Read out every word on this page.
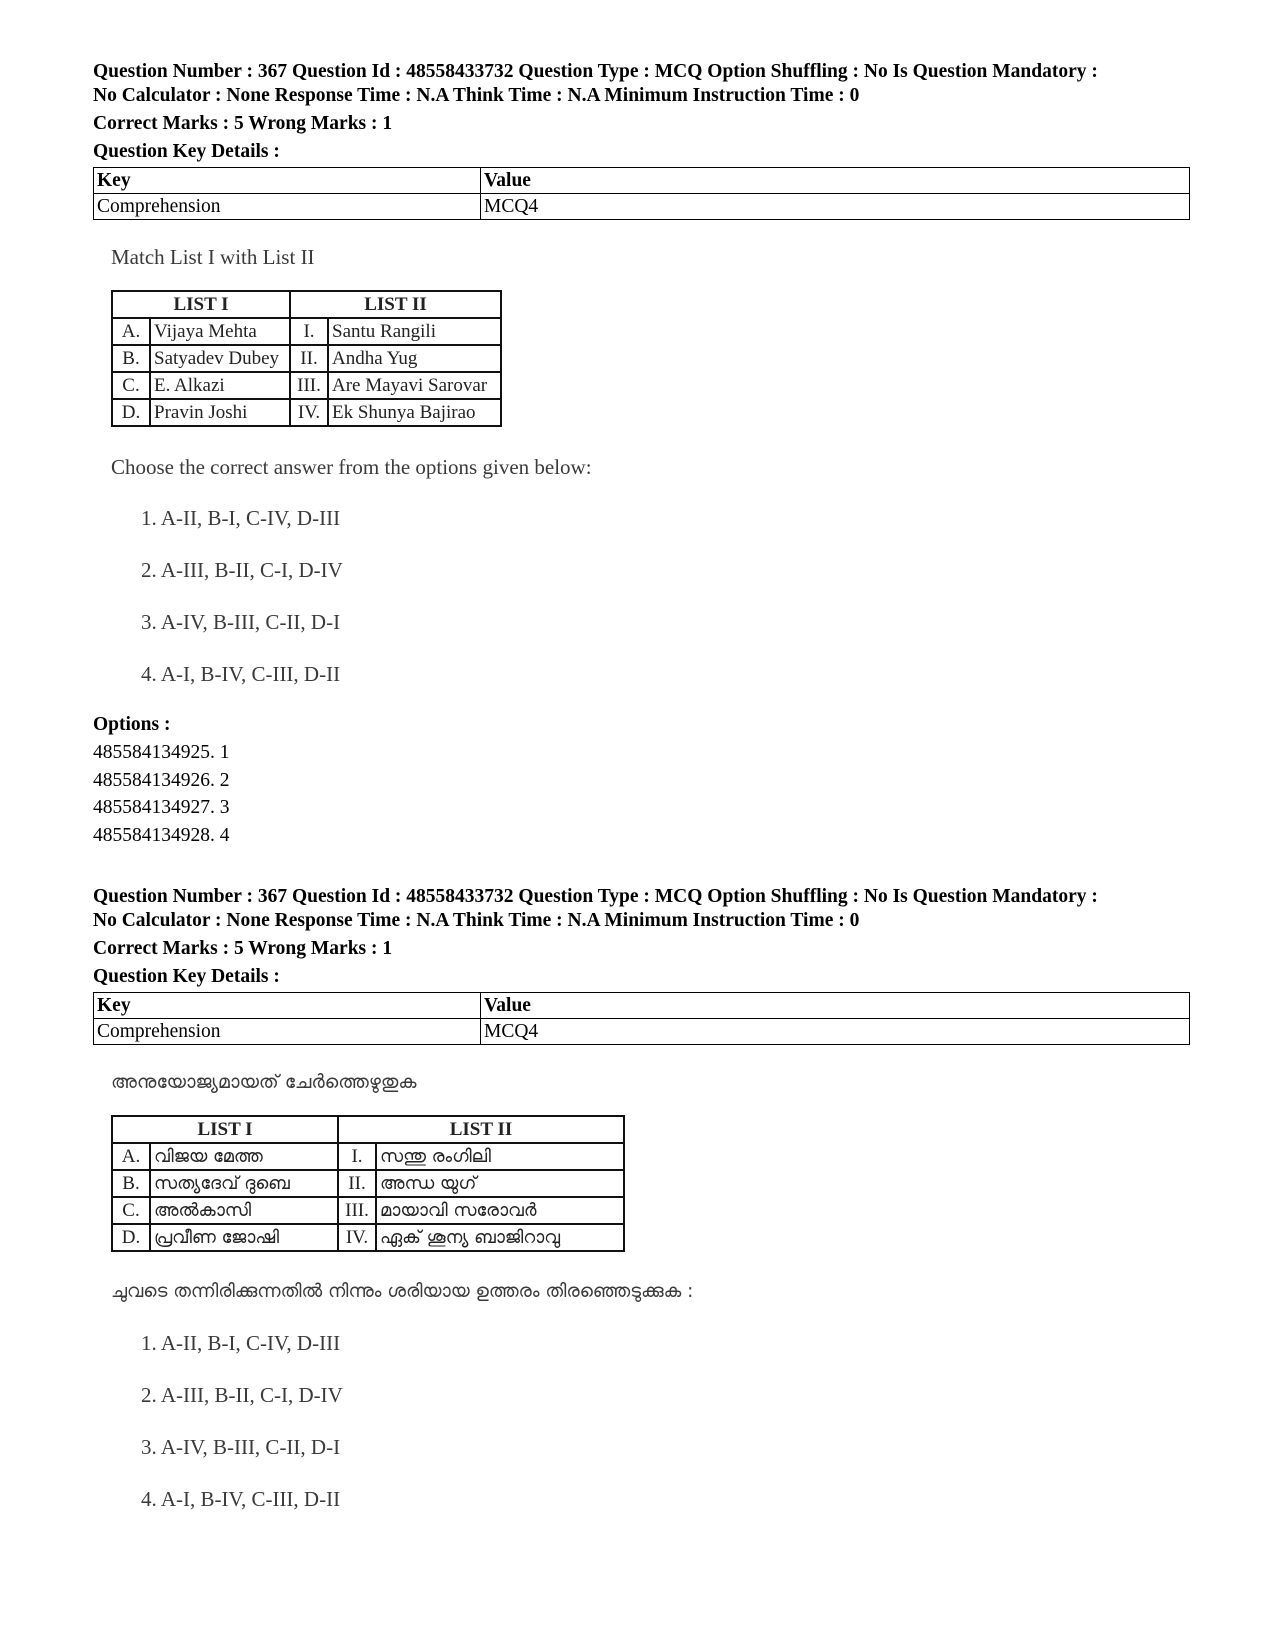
Question Number : 367 Question Id : 48558433732 Question Type : MCQ Option Shuffling : No Is Question Mandatory :
No Calculator : None Response Time : N.A Think Time : N.A Minimum Instruction Time : 0
Correct Marks : 5 Wrong Marks : 1
Question Key Details :
Key	Value
Comprehension	MCQ4
Match List I with List II
LIST I		LIST II	
A.	Vijaya Mehta	I.	Santu Rangili
B.	Satyadev Dubey	II.	Andha Yug
C.	E. Alkazi	III.	Are Mayavi Sarovar
D.	Pravin Joshi	IV.	Ek Shunya Bajirao
Choose the correct answer from the options given below:
1. A-II, B-I, C-IV, D-III
2. A-III, B-II, C-I, D-IV
3. A-IV, B-III, C-II, D-I
4. A-I, B-IV, C-III, D-II
Options :
485584134925. 1
485584134926. 2
485584134927. 3
485584134928. 4
Question Number : 367 Question Id : 48558433732 Question Type : MCQ Option Shuffling : No Is Question Mandatory :
No Calculator : None Response Time : N.A Think Time : N.A Minimum Instruction Time : 0
Correct Marks : 5 Wrong Marks : 1
Question Key Details :
Key	Value
Comprehension	MCQ4
അനുയോജ്യമായത് ചേർത്തെഴുതുക
LIST I		LIST II	
A.	വിജയ മേത്ത	I.	സന്തു രംഗിലി
B.	സത്യദേവ് ദുബെ	II.	അന്ധ യുഗ്
C.	അൽകാസി	III.	മായാവി സരോവർ
D.	പ്രവീണ ജോഷി	IV.	ഏക് ശൂന്യ ബാജിറാവു
ചുവടെ തന്നിരിക്കുന്നതിൽ നിന്നും ശരിയായ ഉത്തരം തിരഞ്ഞെടുക്കുക :
1. A-II, B-I, C-IV, D-III
2. A-III, B-II, C-I, D-IV
3. A-IV, B-III, C-II, D-I
4. A-I, B-IV, C-III, D-II
